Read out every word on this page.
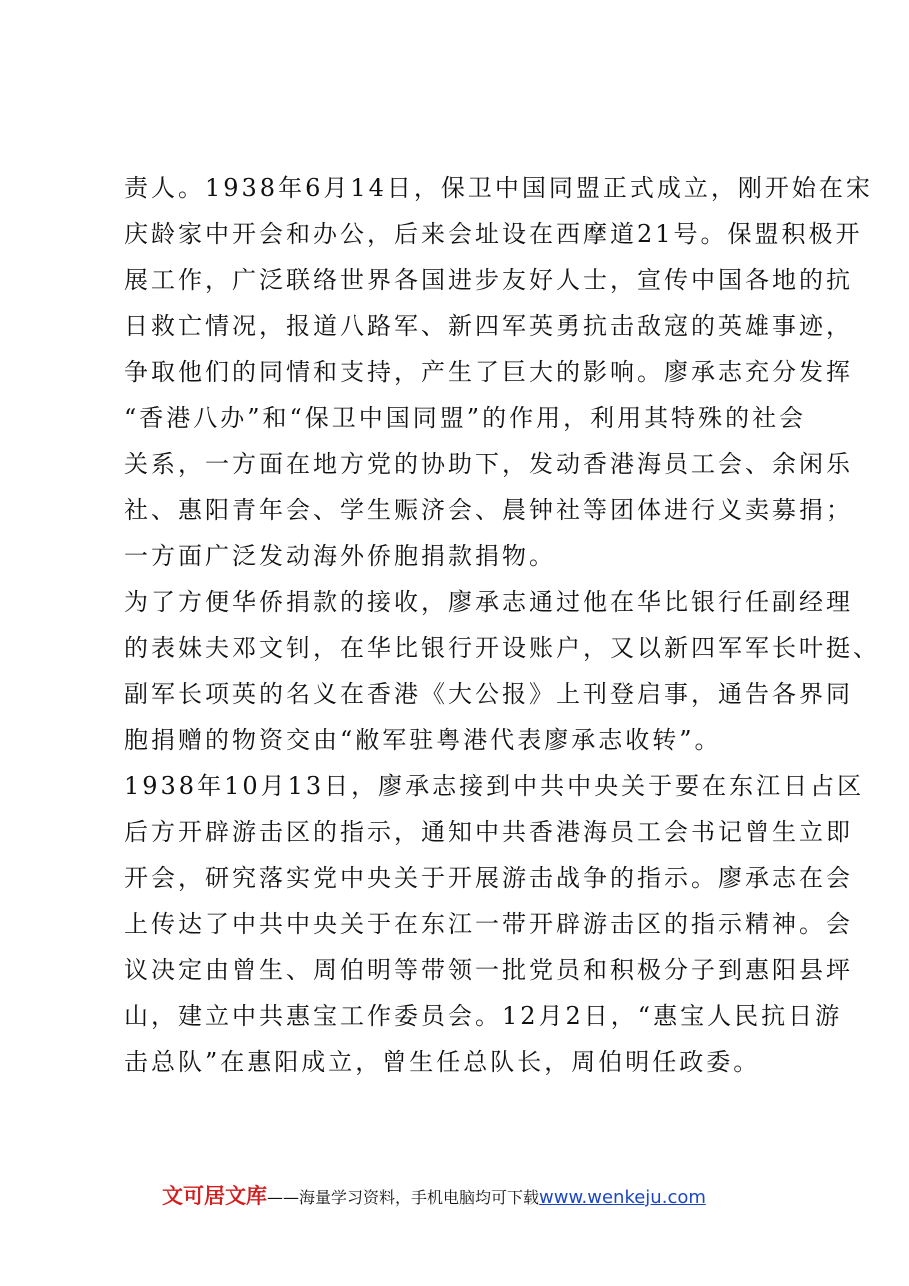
责人。1938年6月14日，保卫中国同盟正式成立，刚开始在宋
庆龄家中开会和办公，后来会址设在西摩道21号。保盟积极开
展工作，广泛联络世界各国进步友好人士，宣传中国各地的抗
日救亡情况，报道八路军、新四军英勇抗击敌寇的英雄事迹，
争取他们的同情和支持，产生了巨大的影响。廖承志充分发挥
“香港八办”和“保卫中国同盟”的作用，利用其特殊的社会
关系，一方面在地方党的协助下，发动香港海员工会、余闲乐
社、惠阳青年会、学生赈济会、晨钟社等团体进行义卖募捐；
一方面广泛发动海外侨胞捐款捐物。
为了方便华侨捐款的接收，廖承志通过他在华比银行任副经理
的表妹夫邓文钊，在华比银行开设账户，又以新四军军长叶挺、
副军长项英的名义在香港《大公报》上刊登启事，通告各界同
胞捐赠的物资交由“敝军驻粤港代表廖承志收转”。
1938年10月13日，廖承志接到中共中央关于要在东江日占区
后方开辟游击区的指示，通知中共香港海员工会书记曾生立即
开会，研究落实党中央关于开展游击战争的指示。廖承志在会
上传达了中共中央关于在东江一带开辟游击区的指示精神。会
议决定由曾生、周伯明等带领一批党员和积极分子到惠阳县坪
山，建立中共惠宝工作委员会。12月2日，“惠宝人民抗日游
击总队”在惠阳成立，曾生任总队长，周伯明任政委。
文可居文库——海量学习资料，手机电脑均可下载www.wenkeju.com
